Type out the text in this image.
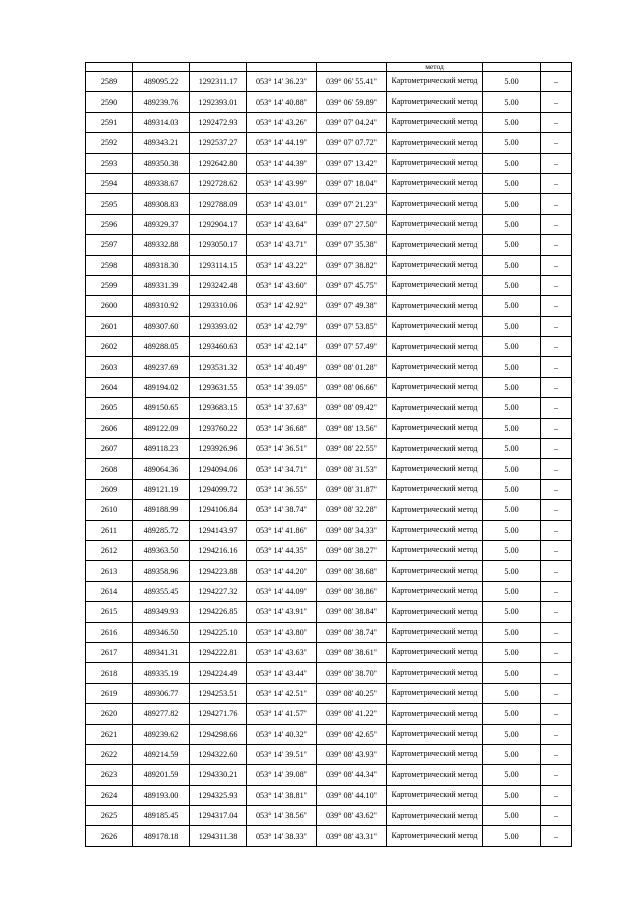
					метод		
2589	489095.22	1292311.17	053° 14' 36.23"	039° 06' 55.41"	Картометрический метод	5.00	–
2590	489239.76	1292393.01	053° 14' 40.88"	039° 06' 59.89"	Картометрический метод	5.00	–
2591	489314.03	1292472.93	053° 14' 43.26"	039° 07' 04.24"	Картометрический метод	5.00	–
2592	489343.21	1292537.27	053° 14' 44.19"	039° 07' 07.72"	Картометрический метод	5.00	–
2593	489350.38	1292642.80	053° 14' 44.39"	039° 07' 13.42"	Картометрический метод	5.00	–
2594	489338.67	1292728.62	053° 14' 43.99"	039° 07' 18.04"	Картометрический метод	5.00	–
2595	489308.83	1292788.09	053° 14' 43.01"	039° 07' 21.23"	Картометрический метод	5.00	–
2596	489329.37	1292904.17	053° 14' 43.64"	039° 07' 27.50"	Картометрический метод	5.00	–
2597	489332.88	1293050.17	053° 14' 43.71"	039° 07' 35.38"	Картометрический метод	5.00	–
2598	489318.30	1293114.15	053° 14' 43.22"	039° 07' 38.82"	Картометрический метод	5.00	–
2599	489331.39	1293242.48	053° 14' 43.60"	039° 07' 45.75"	Картометрический метод	5.00	–
2600	489310.92	1293310.06	053° 14' 42.92"	039° 07' 49.38"	Картометрический метод	5.00	–
2601	489307.60	1293393.02	053° 14' 42.79"	039° 07' 53.85"	Картометрический метод	5.00	–
2602	489288.05	1293460.63	053° 14' 42.14"	039° 07' 57.49"	Картометрический метод	5.00	–
2603	489237.69	1293531.32	053° 14' 40.49"	039° 08' 01.28"	Картометрический метод	5.00	–
2604	489194.02	1293631.55	053° 14' 39.05"	039° 08' 06.66"	Картометрический метод	5.00	–
2605	489150.65	1293683.15	053° 14' 37.63"	039° 08' 09.42"	Картометрический метод	5.00	–
2606	489122.09	1293760.22	053° 14' 36.68"	039° 08' 13.56"	Картометрический метод	5.00	–
2607	489118.23	1293926.96	053° 14' 36.51"	039° 08' 22.55"	Картометрический метод	5.00	–
2608	489064.36	1294094.06	053° 14' 34.71"	039° 08' 31.53"	Картометрический метод	5.00	–
2609	489121.19	1294099.72	053° 14' 36.55"	039° 08' 31.87"	Картометрический метод	5.00	–
2610	489188.99	1294106.84	053° 14' 38.74"	039° 08' 32.28"	Картометрический метод	5.00	–
2611	489285.72	1294143.97	053° 14' 41.86"	039° 08' 34.33"	Картометрический метод	5.00	–
2612	489363.50	1294216.16	053° 14' 44.35"	039° 08' 38.27"	Картометрический метод	5.00	–
2613	489358.96	1294223.88	053° 14' 44.20"	039° 08' 38.68"	Картометрический метод	5.00	–
2614	489355.45	1294227.32	053° 14' 44.09"	039° 08' 38.86"	Картометрический метод	5.00	–
2615	489349.93	1294226.85	053° 14' 43.91"	039° 08' 38.84"	Картометрический метод	5.00	–
2616	489346.50	1294225.10	053° 14' 43.80"	039° 08' 38.74"	Картометрический метод	5.00	–
2617	489341.31	1294222.81	053° 14' 43.63"	039° 08' 38.61"	Картометрический метод	5.00	–
2618	489335.19	1294224.49	053° 14' 43.44"	039° 08' 38.70"	Картометрический метод	5.00	–
2619	489306.77	1294253.51	053° 14' 42.51"	039° 08' 40.25"	Картометрический метод	5.00	–
2620	489277.82	1294271.76	053° 14' 41.57"	039° 08' 41.22"	Картометрический метод	5.00	–
2621	489239.62	1294298.66	053° 14' 40.32"	039° 08' 42.65"	Картометрический метод	5.00	–
2622	489214.59	1294322.60	053° 14' 39.51"	039° 08' 43.93"	Картометрический метод	5.00	–
2623	489201.59	1294330.21	053° 14' 39.08"	039° 08' 44.34"	Картометрический метод	5.00	–
2624	489193.00	1294325.93	053° 14' 38.81"	039° 08' 44.10"	Картометрический метод	5.00	–
2625	489185.45	1294317.04	053° 14' 38.56"	039° 08' 43.62"	Картометрический метод	5.00	–
2626	489178.18	1294311.38	053° 14' 38.33"	039° 08' 43.31"	Картометрический метод	5.00	–
